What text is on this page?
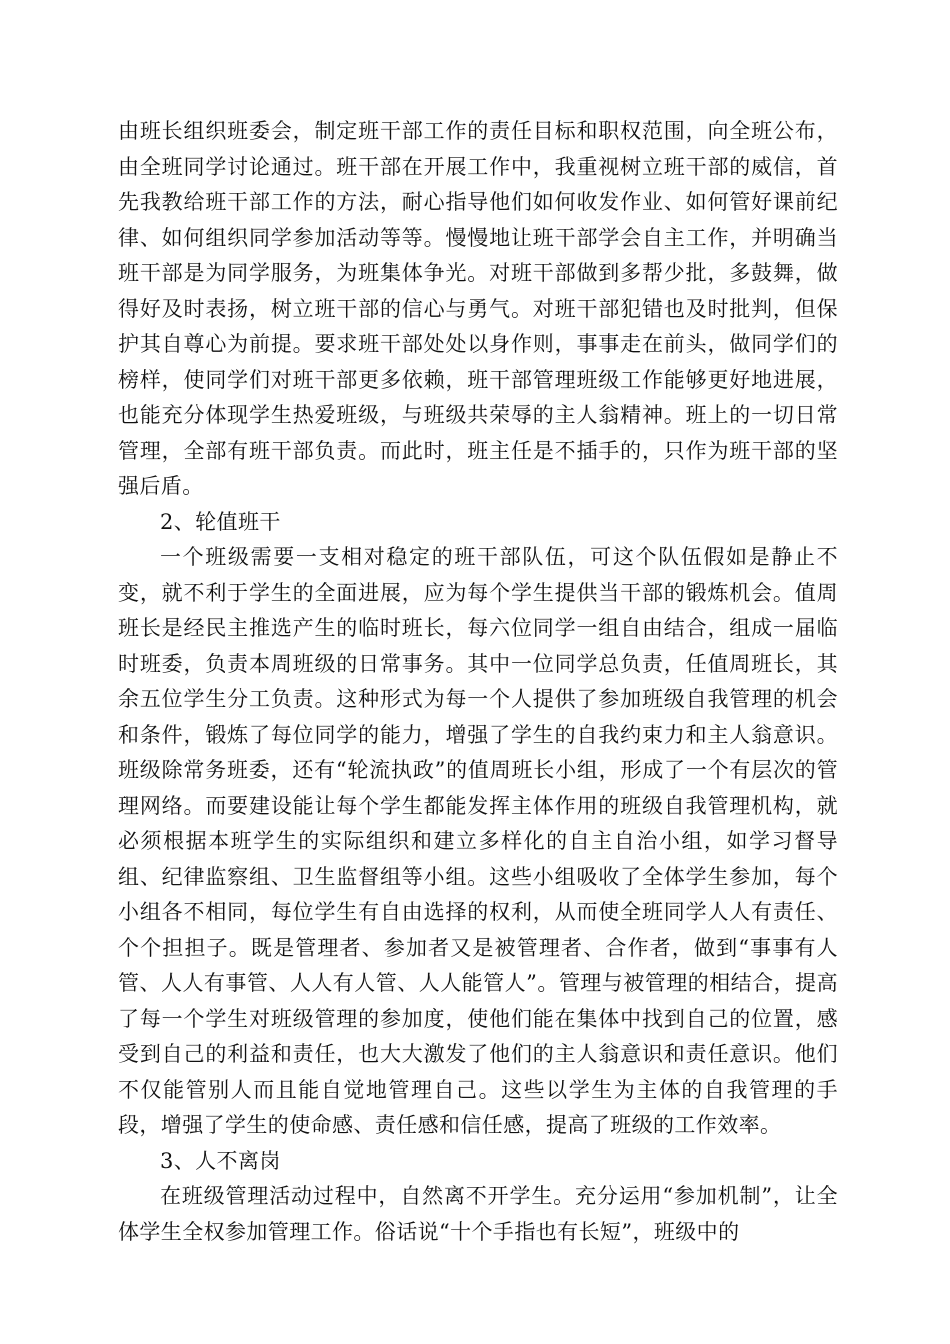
由班长组织班委会，制定班干部工作的责任目标和职权范围，向全班公布，由全班同学讨论通过。班干部在开展工作中，我重视树立班干部的威信，首先我教给班干部工作的方法，耐心指导他们如何收发作业、如何管好课前纪律、如何组织同学参加活动等等。慢慢地让班干部学会自主工作，并明确当班干部是为同学服务，为班集体争光。对班干部做到多帮少批，多鼓舞，做得好及时表扬，树立班干部的信心与勇气。对班干部犯错也及时批判，但保护其自尊心为前提。要求班干部处处以身作则，事事走在前头，做同学们的榜样，使同学们对班干部更多依赖，班干部管理班级工作能够更好地进展，也能充分体现学生热爱班级，与班级共荣辱的主人翁精神。班上的一切日常管理，全部有班干部负责。而此时，班主任是不插手的，只作为班干部的坚强后盾。

2、轮值班干

一个班级需要一支相对稳定的班干部队伍，可这个队伍假如是静止不变，就不利于学生的全面进展，应为每个学生提供当干部的锻炼机会。值周班长是经民主推选产生的临时班长，每六位同学一组自由结合，组成一届临时班委，负责本周班级的日常事务。其中一位同学总负责，任值周班长，其余五位学生分工负责。这种形式为每一个人提供了参加班级自我管理的机会和条件，锻炼了每位同学的能力，增强了学生的自我约束力和主人翁意识。班级除常务班委，还有“轮流执政”的值周班长小组，形成了一个有层次的管理网络。而要建设能让每个学生都能发挥主体作用的班级自我管理机构，就必须根据本班学生的实际组织和建立多样化的自主自治小组，如学习督导组、纪律监察组、卫生监督组等小组。这些小组吸收了全体学生参加，每个小组各不相同，每位学生有自由选择的权利，从而使全班同学人人有责任、个个担担子。既是管理者、参加者又是被管理者、合作者，做到“事事有人管、人人有事管、人人有人管、人人能管人”。管理与被管理的相结合，提高了每一个学生对班级管理的参加度，使他们能在集体中找到自己的位置，感受到自己的利益和责任，也大大激发了他们的主人翁意识和责任意识。他们不仅能管别人而且能自觉地管理自己。这些以学生为主体的自我管理的手段，增强了学生的使命感、责任感和信任感，提高了班级的工作效率。

3、人不离岗

在班级管理活动过程中，自然离不开学生。充分运用“参加机制”，让全体学生全权参加管理工作。俗话说“十个手指也有长短”，班级中的
